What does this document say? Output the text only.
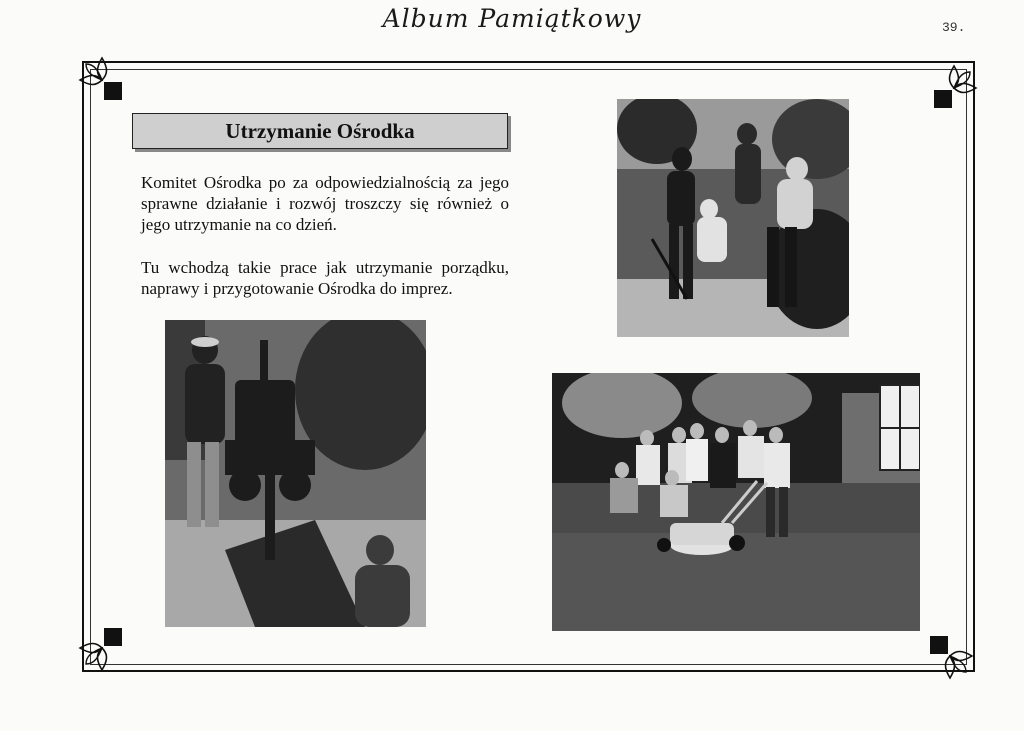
Album Pamiątkowy	39.
Utrzymanie Ośrodka

Komitet Ośrodka po za odpowiedzialnością za jego sprawne działanie i rozwój troszczy się również o jego utrzymanie na co dzień.

Tu wchodzą takie prace jak utrzymanie porządku, naprawy i przygotowanie Ośrodka do imprez.
